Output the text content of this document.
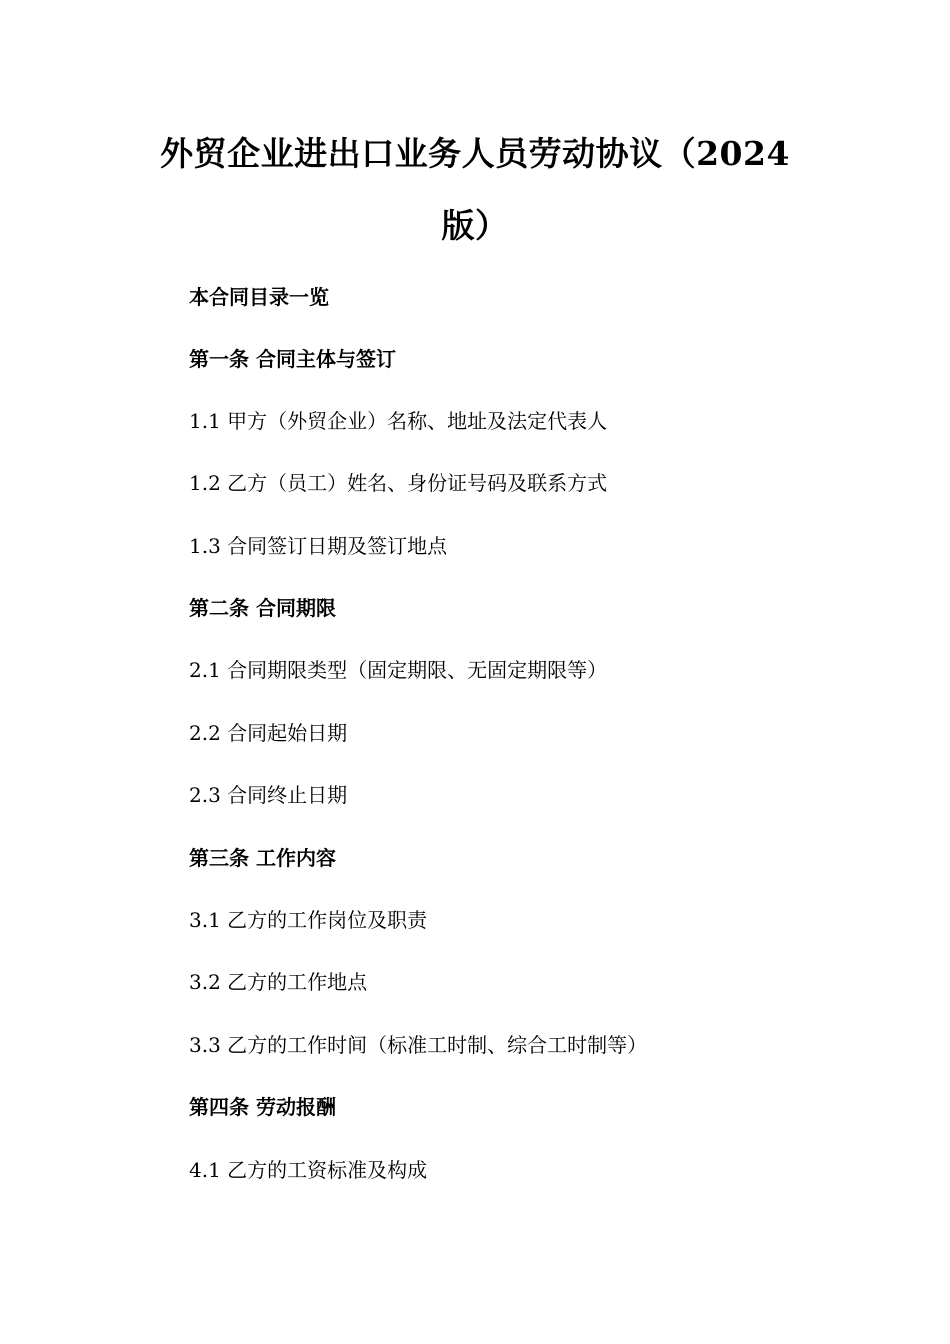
外贸企业进出口业务人员劳动协议（2024
版）

本合同目录一览

第一条 合同主体与签订

1.1 甲方（外贸企业）名称、地址及法定代表人

1.2 乙方（员工）姓名、身份证号码及联系方式

1.3 合同签订日期及签订地点

第二条 合同期限

2.1 合同期限类型（固定期限、无固定期限等）

2.2 合同起始日期

2.3 合同终止日期

第三条 工作内容

3.1 乙方的工作岗位及职责

3.2 乙方的工作地点

3.3 乙方的工作时间（标准工时制、综合工时制等）

第四条 劳动报酬

4.1 乙方的工资标准及构成
